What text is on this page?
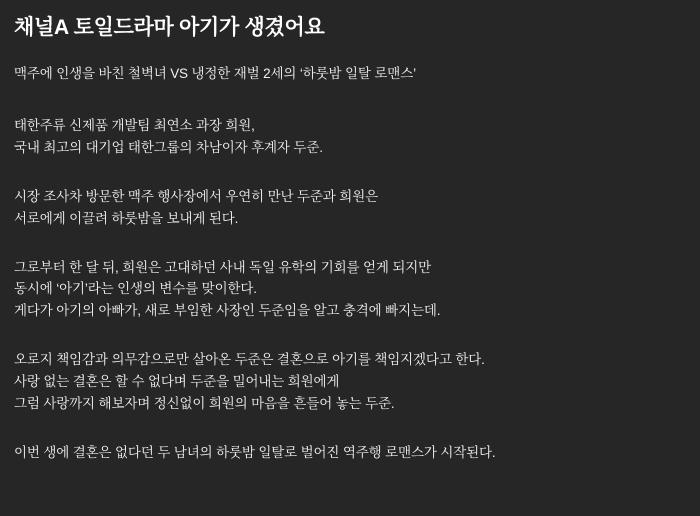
채널A 토일드라마 아기가 생겼어요
맥주에 인생을 바친 철벽녀 VS 냉정한 재벌 2세의 ‘하룻밤 일탈 로맨스’
태한주류 신제품 개발팀 최연소 과장 희원,
국내 최고의 대기업 태한그룹의 차남이자 후계자 두준.
시장 조사차 방문한 맥주 행사장에서 우연히 만난 두준과 희원은
서로에게 이끌려 하룻밤을 보내게 된다.
그로부터 한 달 뒤, 희원은 고대하던 사내 독일 유학의 기회를 얻게 되지만
동시에 ‘아기’라는 인생의 변수를 맞이한다.
게다가 아기의 아빠가, 새로 부임한 사장인 두준임을 알고 충격에 빠지는데.
오로지 책임감과 의무감으로만 살아온 두준은 결혼으로 아기를 책임지겠다고 한다.
사랑 없는 결혼은 할 수 없다며 두준을 밀어내는 희원에게
그럼 사랑까지 해보자며 정신없이 희원의 마음을 흔들어 놓는 두준.
이번 생에 결혼은 없다던 두 남녀의 하룻밤 일탈로 벌어진 역주행 로맨스가 시작된다.
